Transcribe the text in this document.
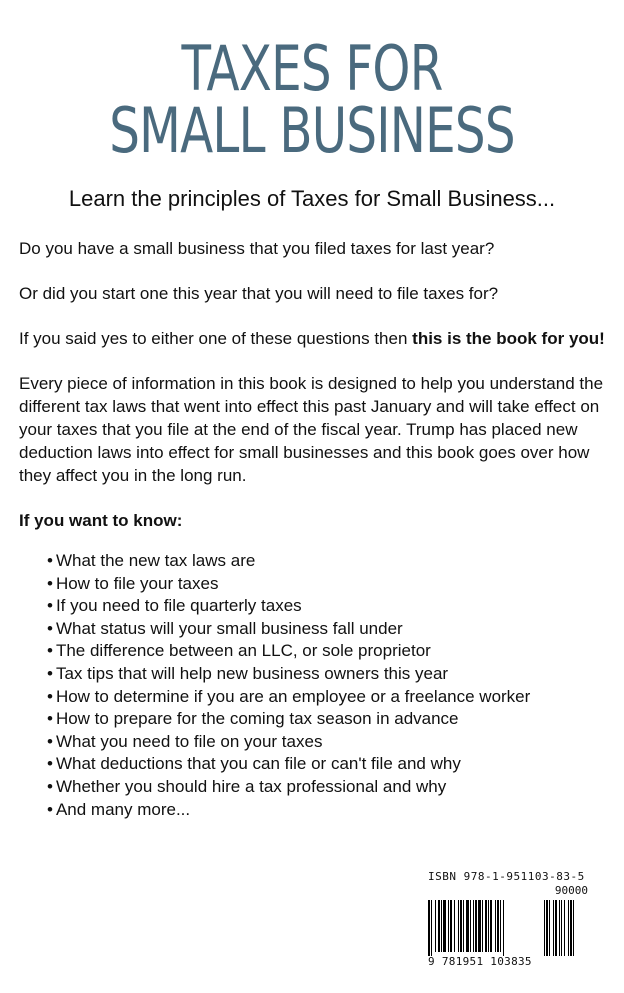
TAXES FOR
SMALL BUSINESS
Learn the principles of Taxes for Small Business...

Do you have a small business that you filed taxes for last year?

Or did you start one this year that you will need to file taxes for?

If you said yes to either one of these questions then this is the book for you!

Every piece of information in this book is designed to help you understand the different tax laws that went into effect this past January and will take effect on your taxes that you file at the end of the fiscal year. Trump has placed new deduction laws into effect for small businesses and this book goes over how they affect you in the long run.

If you want to know:

• What the new tax laws are
• How to file your taxes
• If you need to file quarterly taxes
• What status will your small business fall under
• The difference between an LLC, or sole proprietor
• Tax tips that will help new business owners this year
• How to determine if you are an employee or a freelance worker
• How to prepare for the coming tax season in advance
• What you need to file on your taxes
• What deductions that you can file or can't file and why
• Whether you should hire a tax professional and why
• And many more...
ISBN 978-1-951103-83-5
90000
9 781951 103835
